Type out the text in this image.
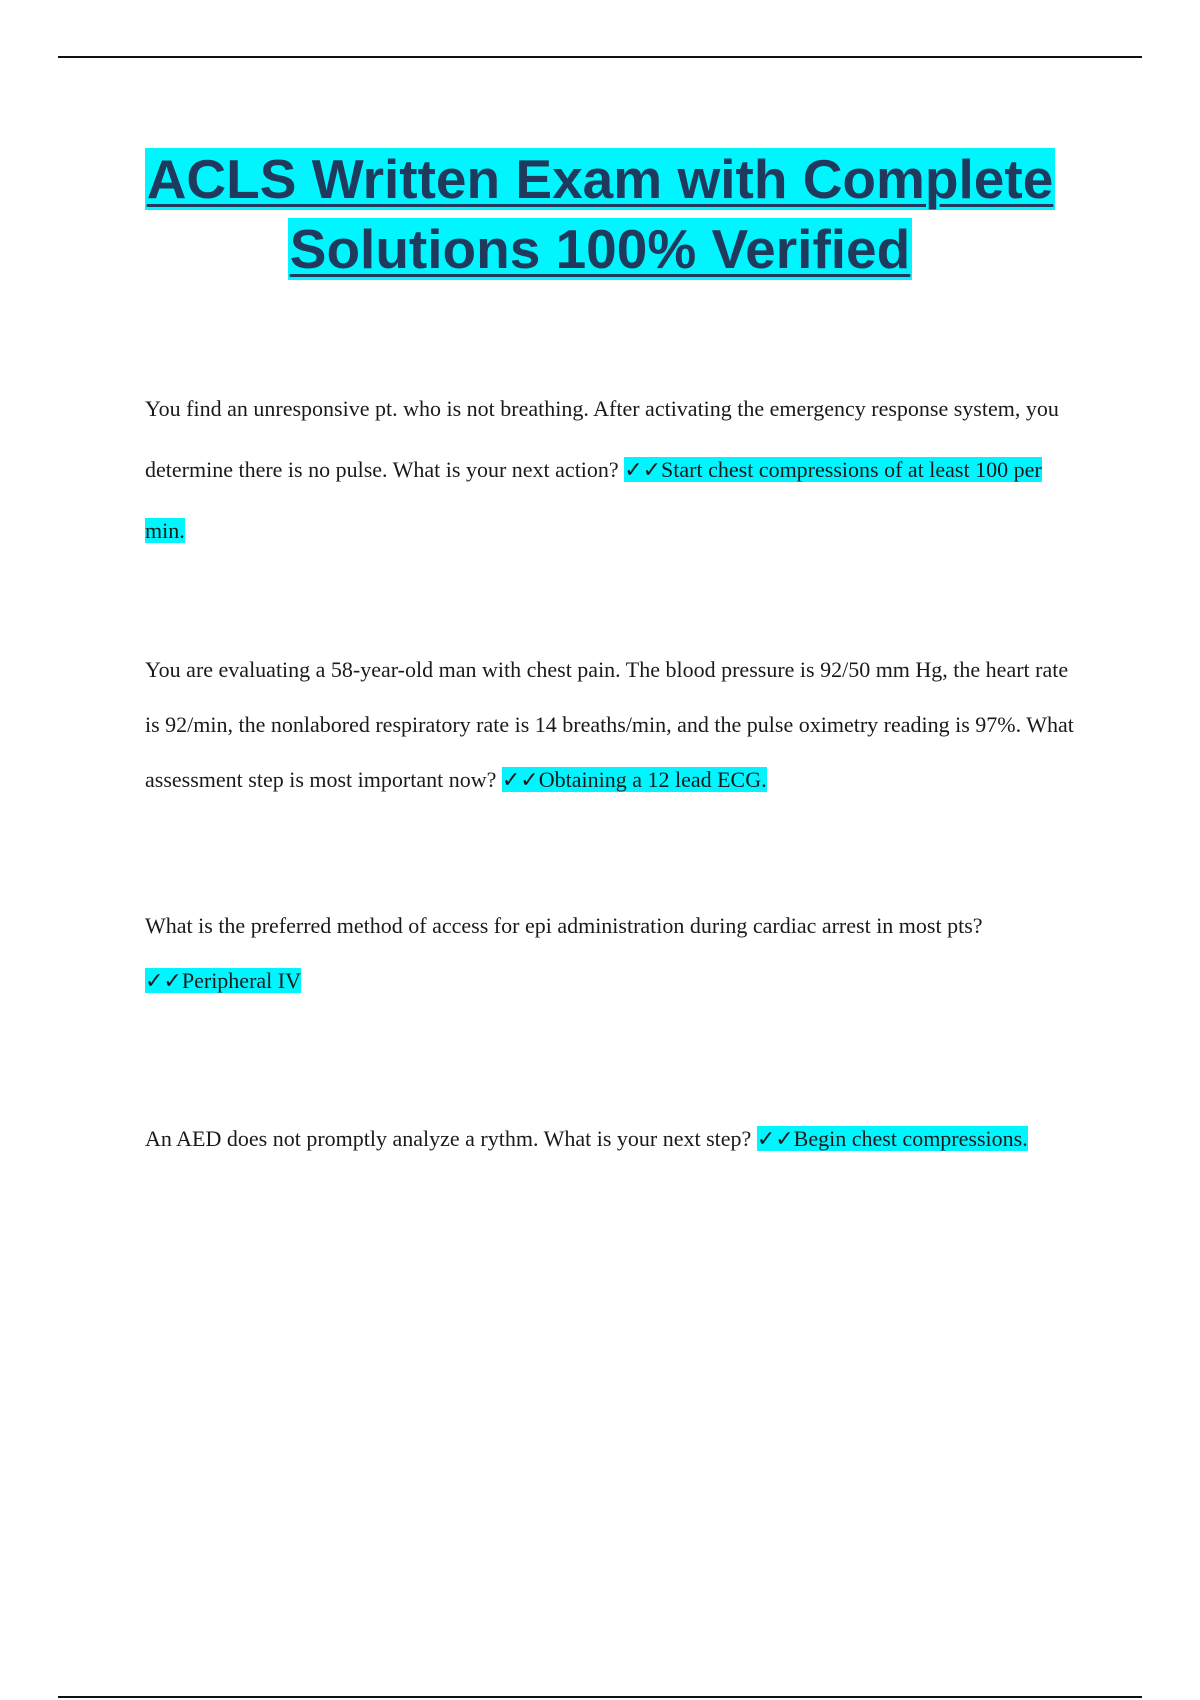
ACLS Written Exam with Complete
Solutions 100% Verified

You find an unresponsive pt. who is not breathing. After activating the emergency response system, you determine there is no pulse. What is your next action? ✓✓Start chest compressions of at least 100 per min.

You are evaluating a 58-year-old man with chest pain. The blood pressure is 92/50 mm Hg, the heart rate is 92/min, the nonlabored respiratory rate is 14 breaths/min, and the pulse oximetry reading is 97%. What assessment step is most important now? ✓✓Obtaining a 12 lead ECG.

What is the preferred method of access for epi administration during cardiac arrest in most pts? ✓✓Peripheral IV

An AED does not promptly analyze a rythm. What is your next step? ✓✓Begin chest compressions.
